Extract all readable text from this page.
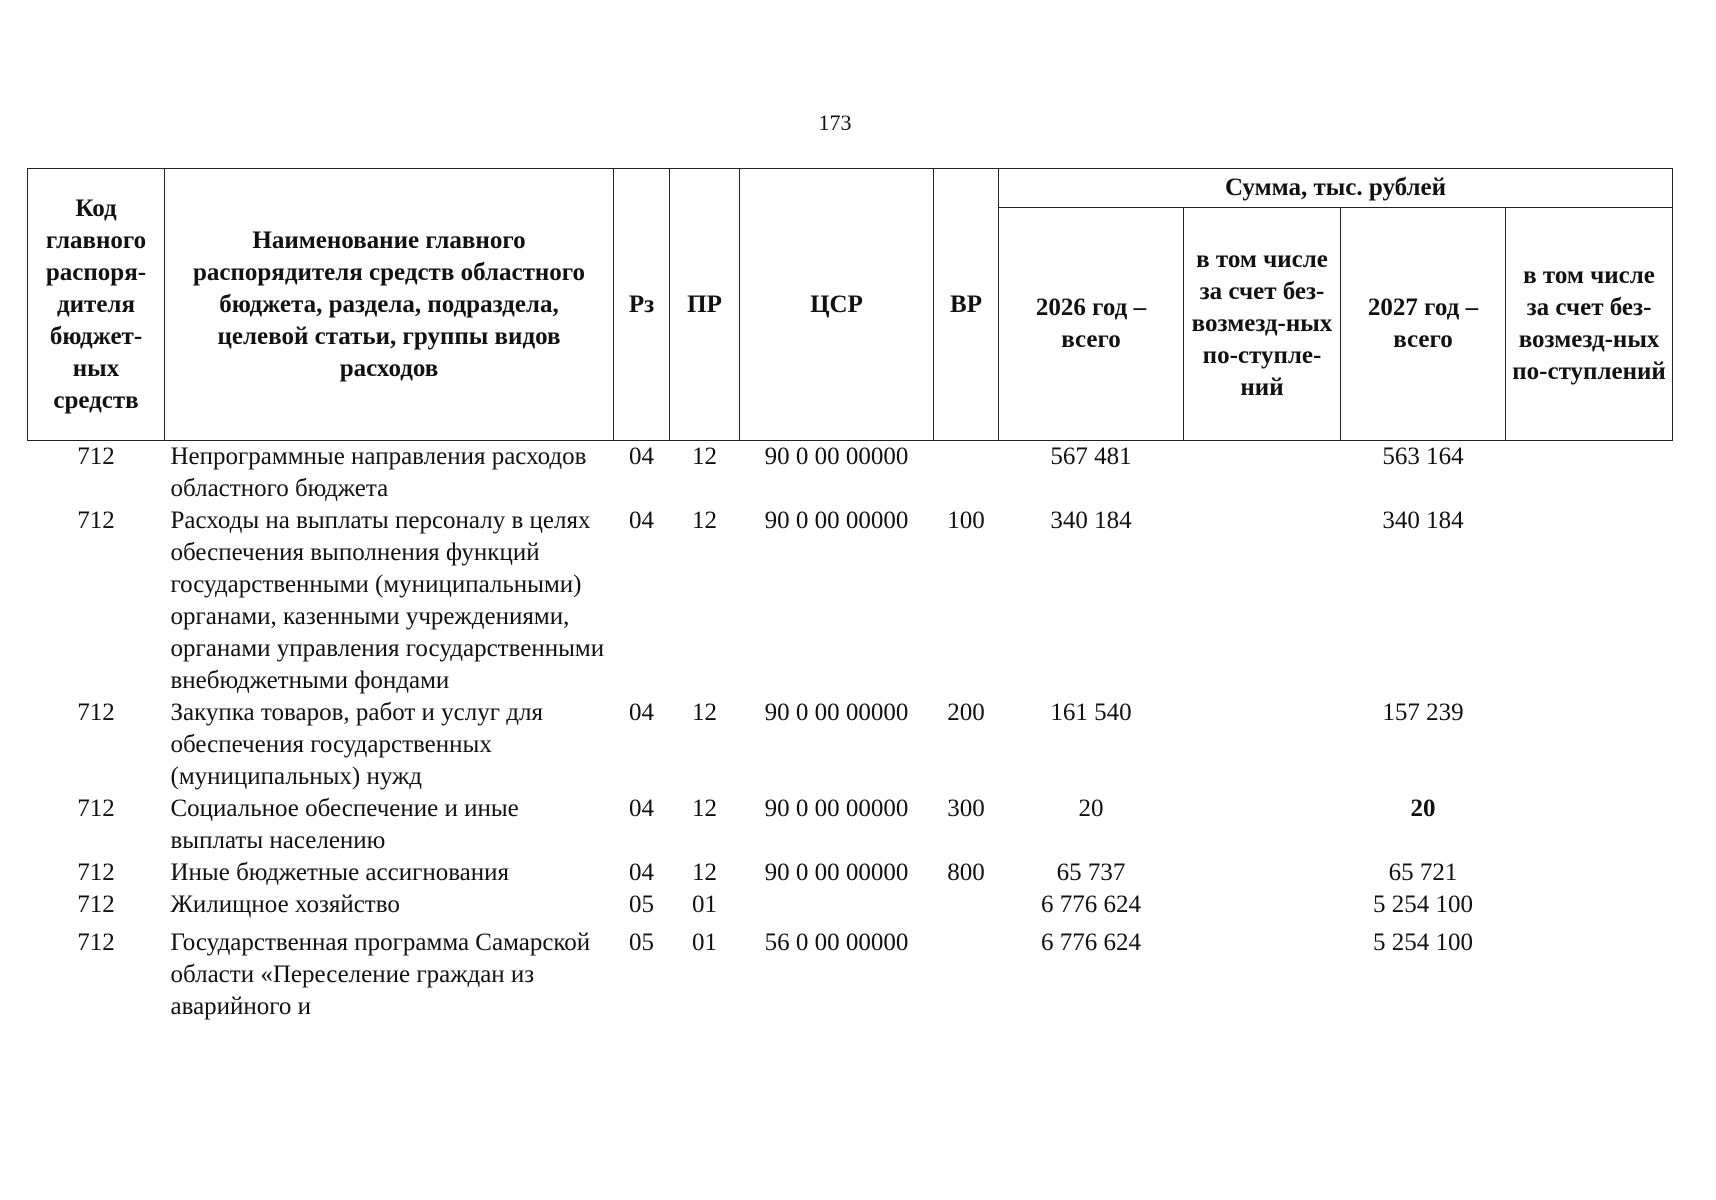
173
Код главного распоря-дителя бюджет-ных средств	Наименование главного распорядителя средств областного бюджета, раздела, подраздела, целевой статьи, группы видов расходов	Рз	ПР	ЦСР	ВР	Сумма, тыс. рублей			
						2026 год – всего	в том числе за счет без-возмезд-ных по-ступле-ний	2027 год – всего	в том числе за счет без-возмезд-ных по-ступлений
712	Непрограммные направления расходов областного бюджета	04	12	90 0 00 00000		567 481		563 164	
712	Расходы на выплаты персоналу в целях обеспечения выполнения функций государственными (муниципальными) органами, казенными учреждениями, органами управления государственными внебюджетными фондами	04	12	90 0 00 00000	100	340 184		340 184	
712	Закупка товаров, работ и услуг для обеспечения государственных (муниципальных) нужд	04	12	90 0 00 00000	200	161 540		157 239	
712	Социальное обеспечение и иные выплаты населению	04	12	90 0 00 00000	300	20		20	
712	Иные бюджетные ассигнования	04	12	90 0 00 00000	800	65 737		65 721	
712	Жилищное хозяйство	05	01			6 776 624		5 254 100	
712	Государственная программа Самарской области «Переселение граждан из аварийного и	05	01	56 0 00 00000		6 776 624		5 254 100	
